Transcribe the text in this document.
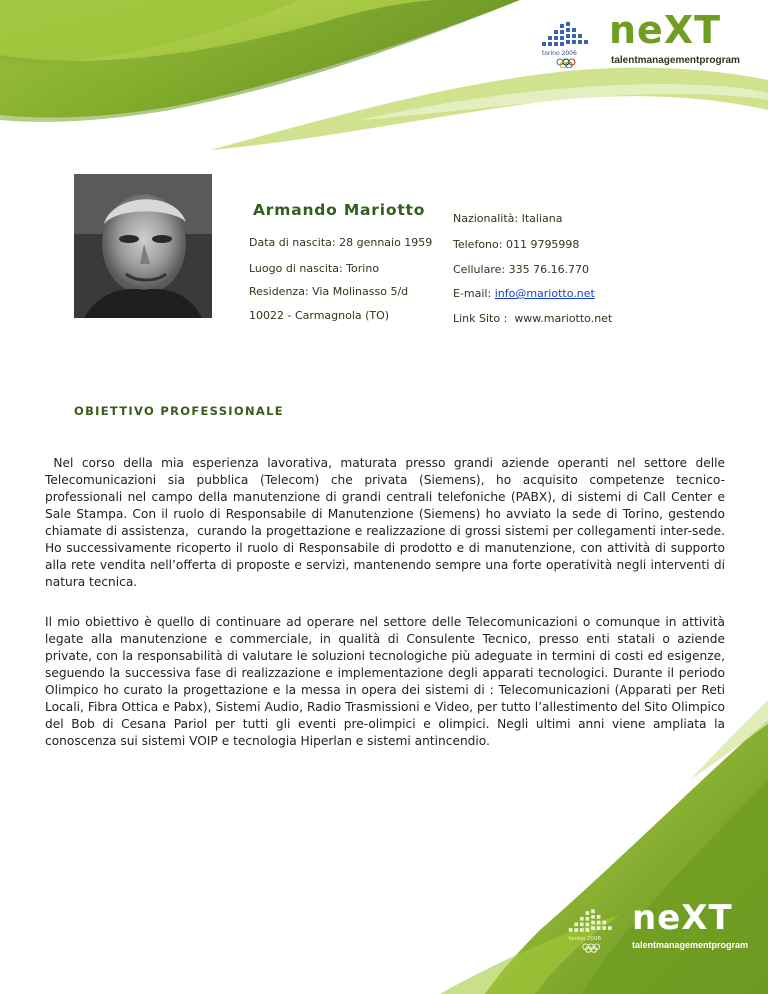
torino 2006
neXT
talentmanagementprogram
Armando Mariotto
Data di nascita: 28 gennaio 1959
Luogo di nascita: Torino
Residenza: Via Molinasso 5/d
10022 - Carmagnola (TO)
Nazionalità: Italiana
Telefono: 011 9795998
Cellulare: 335 76.16.770
E-mail: info@mariotto.net
Link Sito : www.mariotto.net
OBIETTIVO PROFESSIONALE
Nel corso della mia esperienza lavorativa, maturata presso grandi aziende operanti nel settore delle Telecomunicazioni sia pubblica (Telecom) che privata (Siemens), ho acquisito competenze tecnico-professionali nel campo della manutenzione di grandi centrali telefoniche (PABX), di sistemi di Call Center e Sale Stampa. Con il ruolo di Responsabile di Manutenzione (Siemens) ho avviato la sede di Torino, gestendo chiamate di assistenza,  curando la progettazione e realizzazione di grossi sistemi per collegamenti inter-sede. Ho successivamente ricoperto il ruolo di Responsabile di prodotto e di manutenzione, con attività di supporto alla rete vendita nell’offerta di proposte e servizi, mantenendo sempre una forte operatività negli interventi di natura tecnica.
Il mio obiettivo è quello di continuare ad operare nel settore delle Telecomunicazioni o comunque in attività legate alla manutenzione e commerciale, in qualità di Consulente Tecnico, presso enti statali o aziende private, con la responsabilità di valutare le soluzioni tecnologiche più adeguate in termini di costi ed esigenze, seguendo la successiva fase di realizzazione e implementazione degli apparati tecnologici. Durante il periodo Olimpico ho curato la progettazione e la messa in opera dei sistemi di : Telecomunicazioni (Apparati per Reti Locali, Fibra Ottica e Pabx), Sistemi Audio, Radio Trasmissioni e Video, per tutto l’allestimento del Sito Olimpico del Bob di Cesana Pariol per tutti gli eventi pre-olimpici e olimpici. Negli ultimi anni viene ampliata la conoscenza sui sistemi VOIP e tecnologia Hiperlan e sistemi antincendio.
torino 2006
neXT
talentmanagementprogram
